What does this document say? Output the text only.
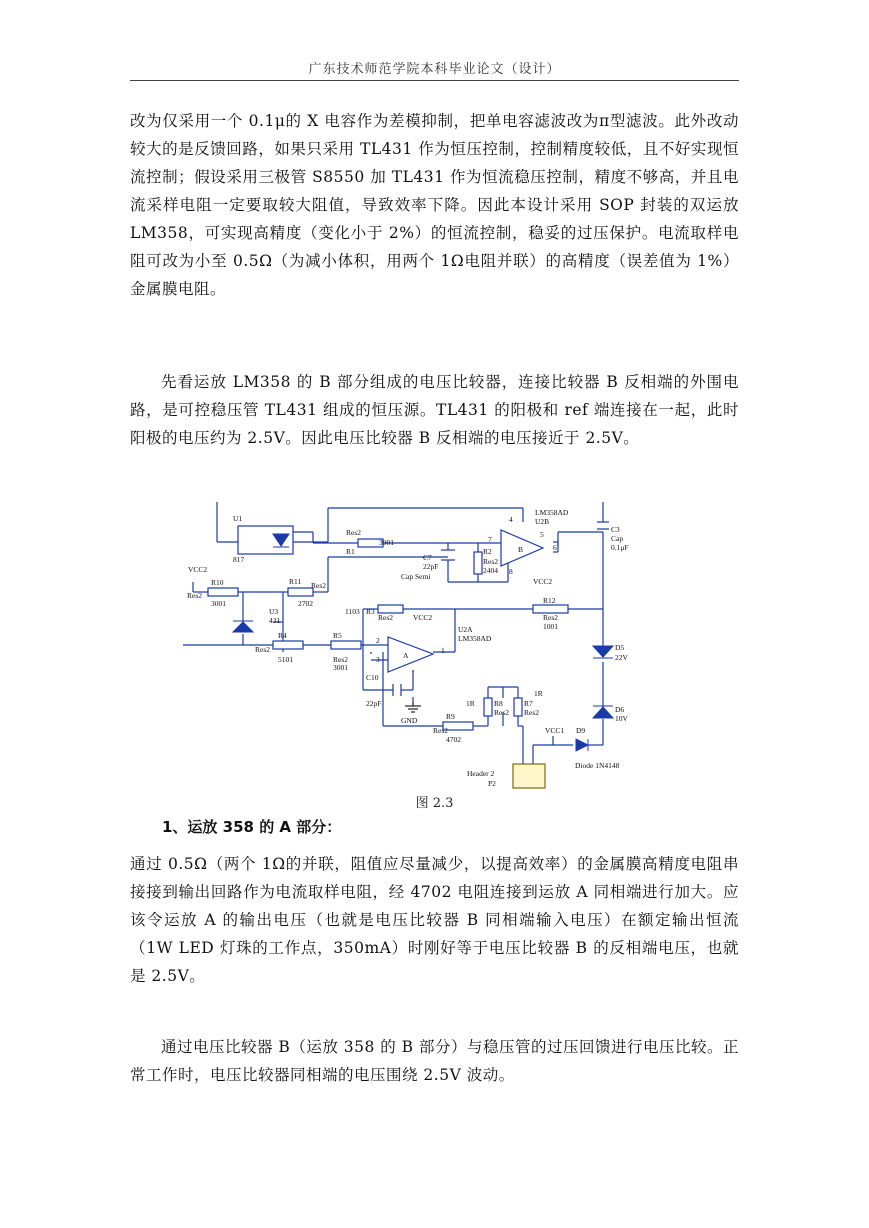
广东技术师范学院本科毕业论文（设计）

改为仅采用一个 0.1μ的 X 电容作为差模抑制，把单电容滤波改为π型滤波。此外改动较大的是反馈回路，如果只采用 TL431 作为恒压控制，控制精度较低，且不好实现恒流控制；假设采用三极管 S8550 加 TL431 作为恒流稳压控制，精度不够高，并且电流采样电阻一定要取较大阻值，导致效率下降。因此本设计采用 SOP 封装的双运放 LM358，可实现高精度（变化小于 2%）的恒流控制，稳妥的过压保护。电流取样电阻可改为小至 0.5Ω（为减小体积，用两个 1Ω电阻并联）的高精度（误差值为 1%）金属膜电阻。

先看运放 LM358 的 B 部分组成的电压比较器，连接比较器 B 反相端的外围电路，是可控稳压管 TL431 组成的恒压源。TL431 的阳极和 ref 端连接在一起，此时阳极的电压约为 2.5V。因此电压比较器 B 反相端的电压接近于 2.5V。

U1
817
Res2
R1
3901
C7
22pF
Cap Semi
R2
Res2
2404
LM358AD
U2B
B
7
5
6
4
8
VCC2
C3
Cap
0.1μF
VCC2
R10
Res2
3001
R11 Res2
2702
U3
431
1103 R3
Res2	VCC2
R12
Res2
1001
U2A
LM358AD
A
R4
Res2
5101
R5
Res2
3001
2
3
1
C10
22pF
GND
1R	R8
Res2
1R
R7
Res2
R9
Res2
4702
VCC1 D9
Diode 1N4148
D5
22V
D6
10V
Header 2
P2
图 2.3
1、运放 358 的 A 部分：

通过 0.5Ω（两个 1Ω的并联，阻值应尽量减少，以提高效率）的金属膜高精度电阻串接接到输出回路作为电流取样电阻，经 4702 电阻连接到运放 A 同相端进行加大。应该令运放 A 的输出电压（也就是电压比较器 B 同相端输入电压）在额定输出恒流（1W LED 灯珠的工作点，350mA）时刚好等于电压比较器 B 的反相端电压，也就是 2.5V。

通过电压比较器 B（运放 358 的 B 部分）与稳压管的过压回馈进行电压比较。正常工作时，电压比较器同相端的电压围绕 2.5V 波动。
